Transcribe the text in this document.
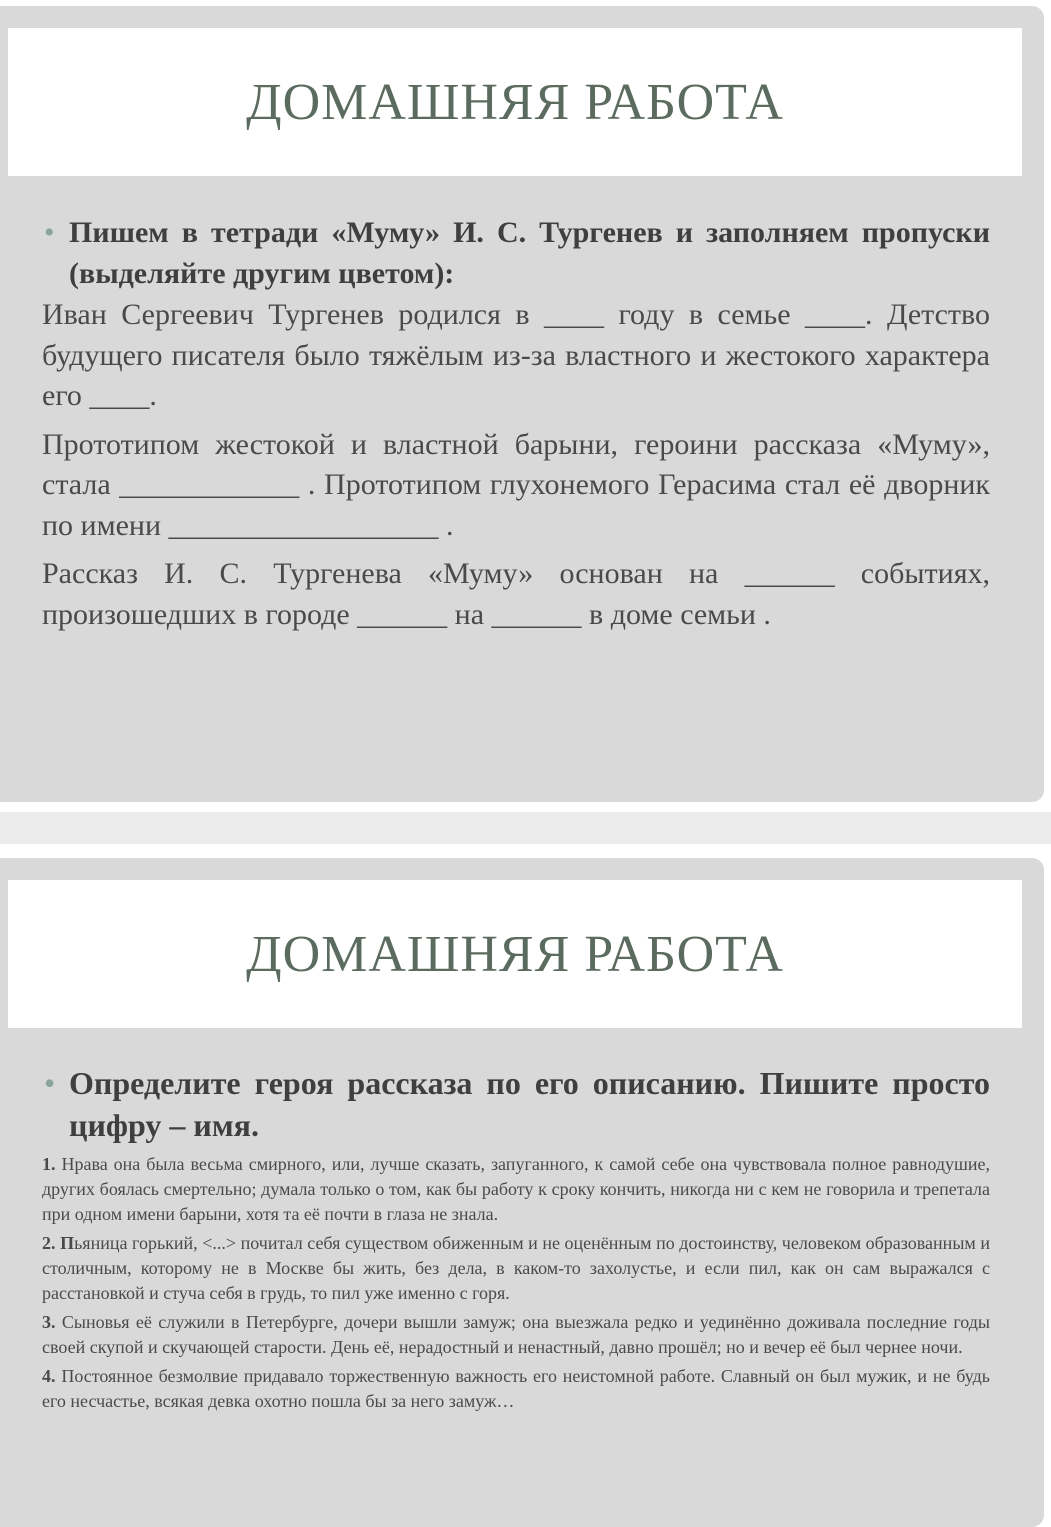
ДОМАШНЯЯ РАБОТА
• Пишем в тетради «Муму» И. С. Тургенев и заполняем пропуски (выделяйте другим цветом):

Иван Сергеевич Тургенев родился в ____ году в семье ____. Детство будущего писателя было тяжёлым из-за властного и жестокого характера его ____.

Прототипом жестокой и властной барыни, героини рассказа «Муму», стала ____________ . Прототипом глухонемого Герасима стал её дворник по имени __________________ .

Рассказ И. С. Тургенева «Муму» основан на ______ событиях, произошедших в городе ______ на ______ в доме семьи .

ДОМАШНЯЯ РАБОТА
• Определите героя рассказа по его описанию. Пишите просто цифру – имя.

1. Нрава она была весьма смирного, или, лучше сказать, запуганного, к самой себе она чувствовала полное равнодушие, других боялась смертельно; думала только о том, как бы работу к сроку кончить, никогда ни с кем не говорила и трепетала при одном имени барыни, хотя та её почти в глаза не знала.

2. Пьяница горький, <...> почитал себя существом обиженным и не оценённым по достоинству, человеком образованным и столичным, которому не в Москве бы жить, без дела, в каком-то захолустье, и если пил, как он сам выражался с расстановкой и стуча себя в грудь, то пил уже именно с горя.

3. Сыновья её служили в Петербурге, дочери вышли замуж; она выезжала редко и уединённо доживала последние годы своей скупой и скучающей старости. День её, нерадостный и ненастный, давно прошёл; но и вечер её был чернее ночи.

4. Постоянное безмолвие придавало торжественную важность его неистомной работе. Славный он был мужик, и не будь его несчастье, всякая девка охотно пошла бы за него замуж…
